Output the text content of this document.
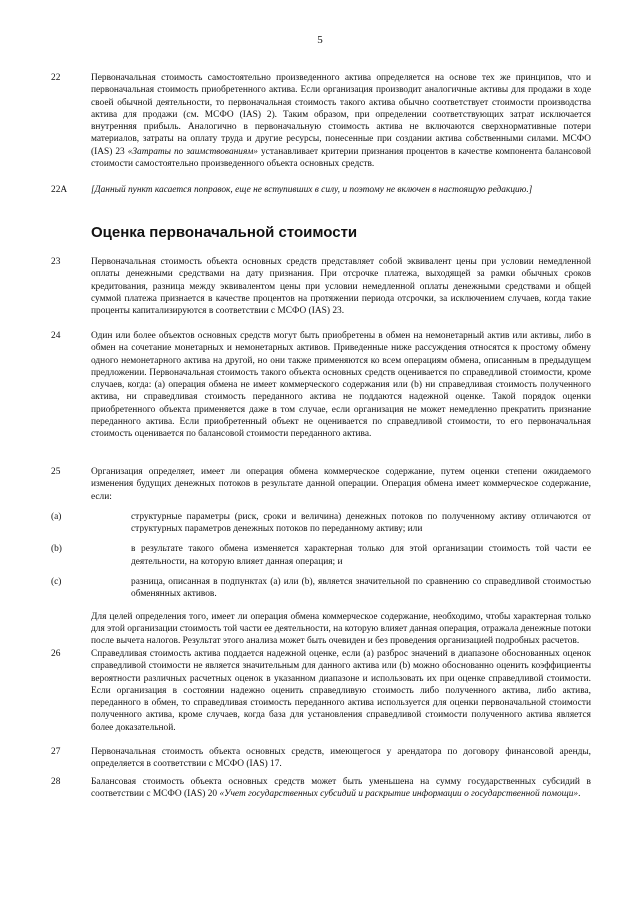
5
22	Первоначальная стоимость самостоятельно произведенного актива определяется на основе тех же принципов, что и первоначальная стоимость приобретенного актива. Если организация производит аналогичные активы для продажи в ходе своей обычной деятельности, то первоначальная стоимость такого актива обычно соответствует стоимости производства актива для продажи (см. МСФО (IAS) 2). Таким образом, при определении соответствующих затрат исключается внутренняя прибыль. Аналогично в первоначальную стоимость актива не включаются сверхнормативные потери материалов, затраты на оплату труда и другие ресурсы, понесенные при создании актива собственными силами. МСФО (IAS) 23 «Затраты по заимствованиям» устанавливает критерии признания процентов в качестве компонента балансовой стоимости самостоятельно произведенного объекта основных средств.
22A	[Данный пункт касается поправок, еще не вступивших в силу, и поэтому не включен в настоящую редакцию.]
Оценка первоначальной стоимости
23	Первоначальная стоимость объекта основных средств представляет собой эквивалент цены при условии немедленной оплаты денежными средствами на дату признания. При отсрочке платежа, выходящей за рамки обычных сроков кредитования, разница между эквивалентом цены при условии немедленной оплаты денежными средствами и общей суммой платежа признается в качестве процентов на протяжении периода отсрочки, за исключением случаев, когда такие проценты капитализируются в соответствии с МСФО (IAS) 23.
24	Один или более объектов основных средств могут быть приобретены в обмен на немонетарный актив или активы, либо в обмен на сочетание монетарных и немонетарных активов. Приведенные ниже рассуждения относятся к простому обмену одного немонетарного актива на другой, но они также применяются ко всем операциям обмена, описанным в предыдущем предложении. Первоначальная стоимость такого объекта основных средств оценивается по справедливой стоимости, кроме случаев, когда: (a) операция обмена не имеет коммерческого содержания или (b) ни справедливая стоимость полученного актива, ни справедливая стоимость переданного актива не поддаются надежной оценке. Такой порядок оценки приобретенного объекта применяется даже в том случае, если организация не может немедленно прекратить признание переданного актива. Если приобретенный объект не оценивается по справедливой стоимости, то его первоначальная стоимость оценивается по балансовой стоимости переданного актива.
25	Организация определяет, имеет ли операция обмена коммерческое содержание, путем оценки степени ожидаемого изменения будущих денежных потоков в результате данной операции. Операция обмена имеет коммерческое содержание, если:
(a)	структурные параметры (риск, сроки и величина) денежных потоков по полученному активу отличаются от структурных параметров денежных потоков по переданному активу; или
(b)	в результате такого обмена изменяется характерная только для этой организации стоимость той части ее деятельности, на которую влияет данная операция; и
(c)	разница, описанная в подпунктах (a) или (b), является значительной по сравнению со справедливой стоимостью обменянных активов.
Для целей определения того, имеет ли операция обмена коммерческое содержание, необходимо, чтобы характерная только для этой организации стоимость той части ее деятельности, на которую влияет данная операция, отражала денежные потоки после вычета налогов. Результат этого анализа может быть очевиден и без проведения организацией подробных расчетов.
26	Справедливая стоимость актива поддается надежной оценке, если (a) разброс значений в диапазоне обоснованных оценок справедливой стоимости не является значительным для данного актива или (b) можно обоснованно оценить коэффициенты вероятности различных расчетных оценок в указанном диапазоне и использовать их при оценке справедливой стоимости. Если организация в состоянии надежно оценить справедливую стоимость либо полученного актива, либо актива, переданного в обмен, то справедливая стоимость переданного актива используется для оценки первоначальной стоимости полученного актива, кроме случаев, когда база для установления справедливой стоимости полученного актива является более доказательной.
27	Первоначальная стоимость объекта основных средств, имеющегося у арендатора по договору финансовой аренды, определяется в соответствии с МСФО (IAS) 17.
28	Балансовая стоимость объекта основных средств может быть уменьшена на сумму государственных субсидий в соответствии с МСФО (IAS) 20 «Учет государственных субсидий и раскрытие информации о государственной помощи».
